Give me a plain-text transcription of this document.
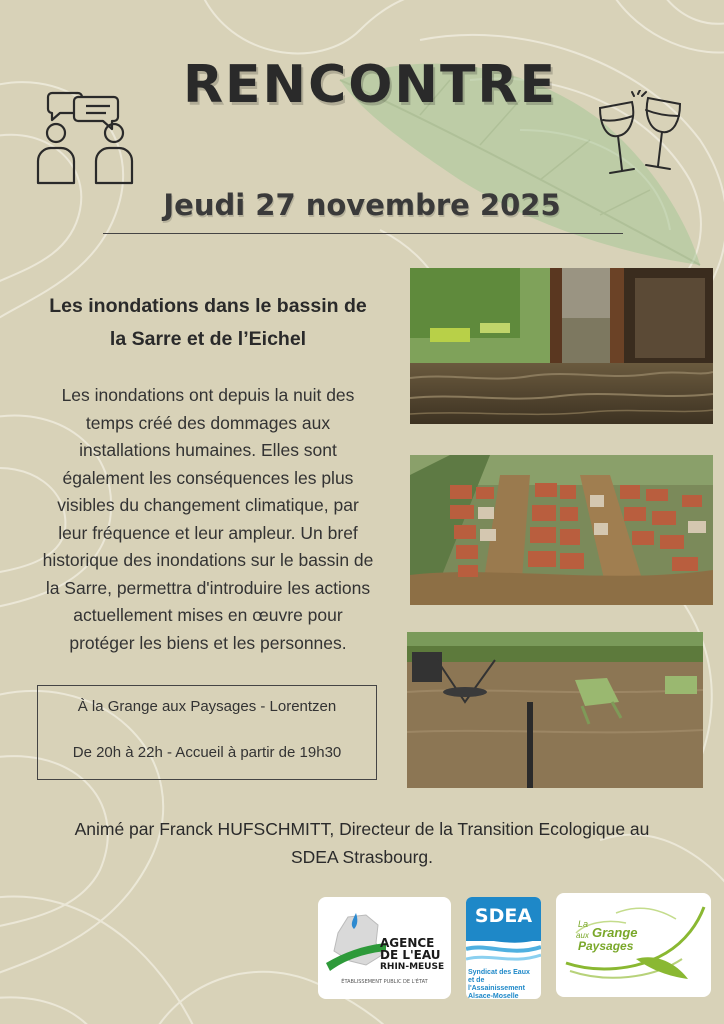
RENCONTRE
Jeudi 27 novembre 2025
Les inondations dans le bassin de
la Sarre et de l’Eichel
Les inondations ont depuis la nuit des
temps créé des dommages aux
installations humaines. Elles sont
également les conséquences les plus
visibles du changement climatique, par
leur fréquence et leur ampleur. Un bref
historique des inondations sur le bassin de
la Sarre, permettra d'introduire les actions
actuellement mises en œuvre pour
protéger les biens et les personnes.
À la Grange aux Paysages - Lorentzen
De 20h à 22h - Accueil à partir de 19h30
Animé par Franck HUFSCHMITT, Directeur de la Transition Ecologique au
SDEA Strasbourg.
AGENCE
DE L'EAU
RHIN-MEUSE
ÉTABLISSEMENT PUBLIC DE L'ÉTAT
SDEA
Syndicat des Eaux
et de l'Assainissement
Alsace-Moselle
La
aux Grange
Paysages
